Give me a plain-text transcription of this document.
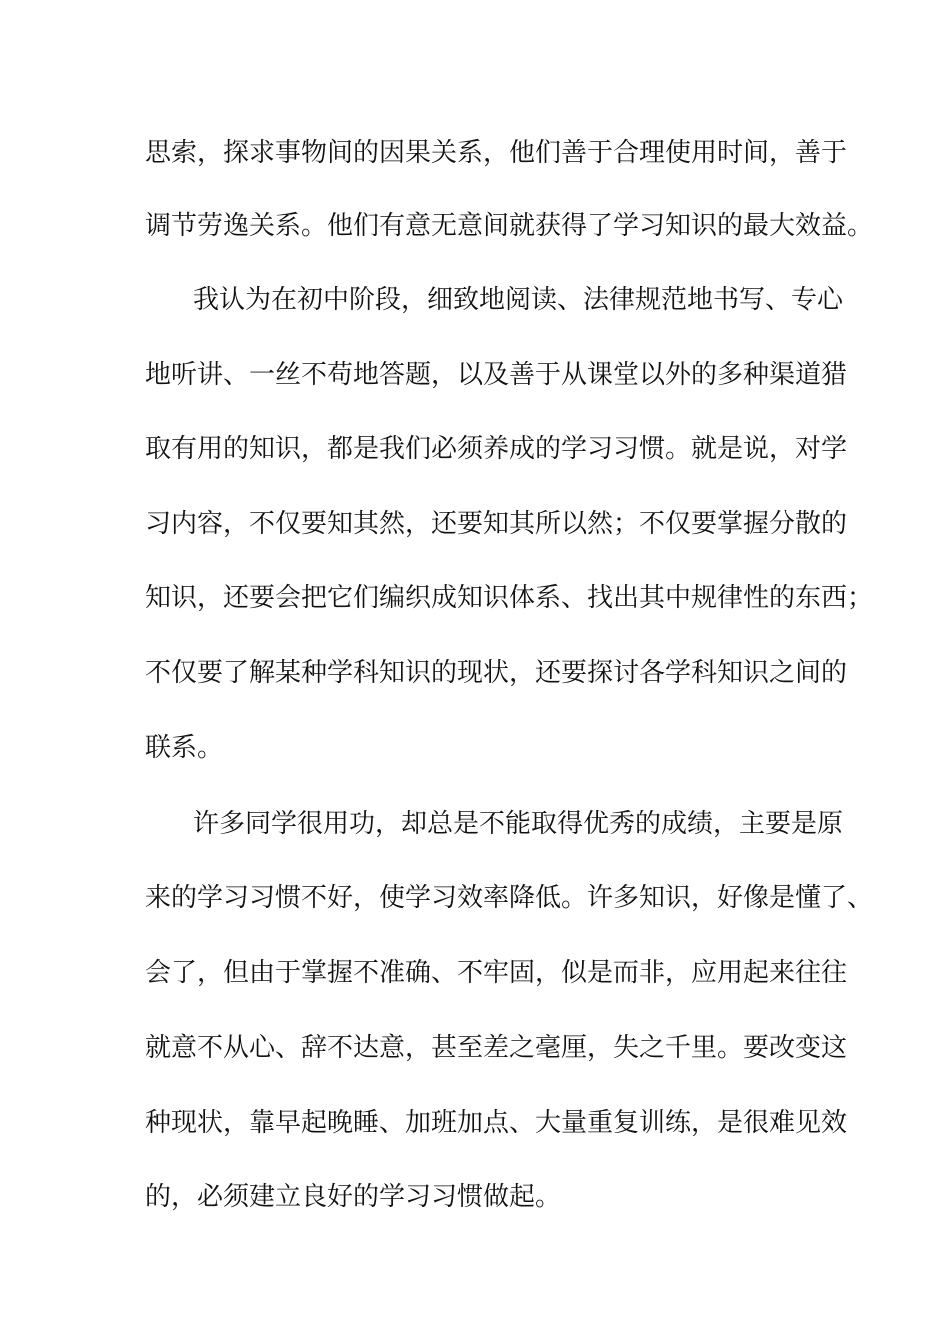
思索，探求事物间的因果关系，他们善于合理使用时间，善于
调节劳逸关系。他们有意无意间就获得了学习知识的最大效益。
我认为在初中阶段，细致地阅读、法律规范地书写、专心
地听讲、一丝不苟地答题，以及善于从课堂以外的多种渠道猎
取有用的知识，都是我们必须养成的学习习惯。就是说，对学
习内容，不仅要知其然，还要知其所以然；不仅要掌握分散的
知识，还要会把它们编织成知识体系、找出其中规律性的东西；
不仅要了解某种学科知识的现状，还要探讨各学科知识之间的
联系。
许多同学很用功，却总是不能取得优秀的成绩，主要是原
来的学习习惯不好，使学习效率降低。许多知识，好像是懂了、
会了，但由于掌握不准确、不牢固，似是而非，应用起来往往
就意不从心、辞不达意，甚至差之毫厘，失之千里。要改变这
种现状，靠早起晚睡、加班加点、大量重复训练，是很难见效
的，必须建立良好的学习习惯做起。
